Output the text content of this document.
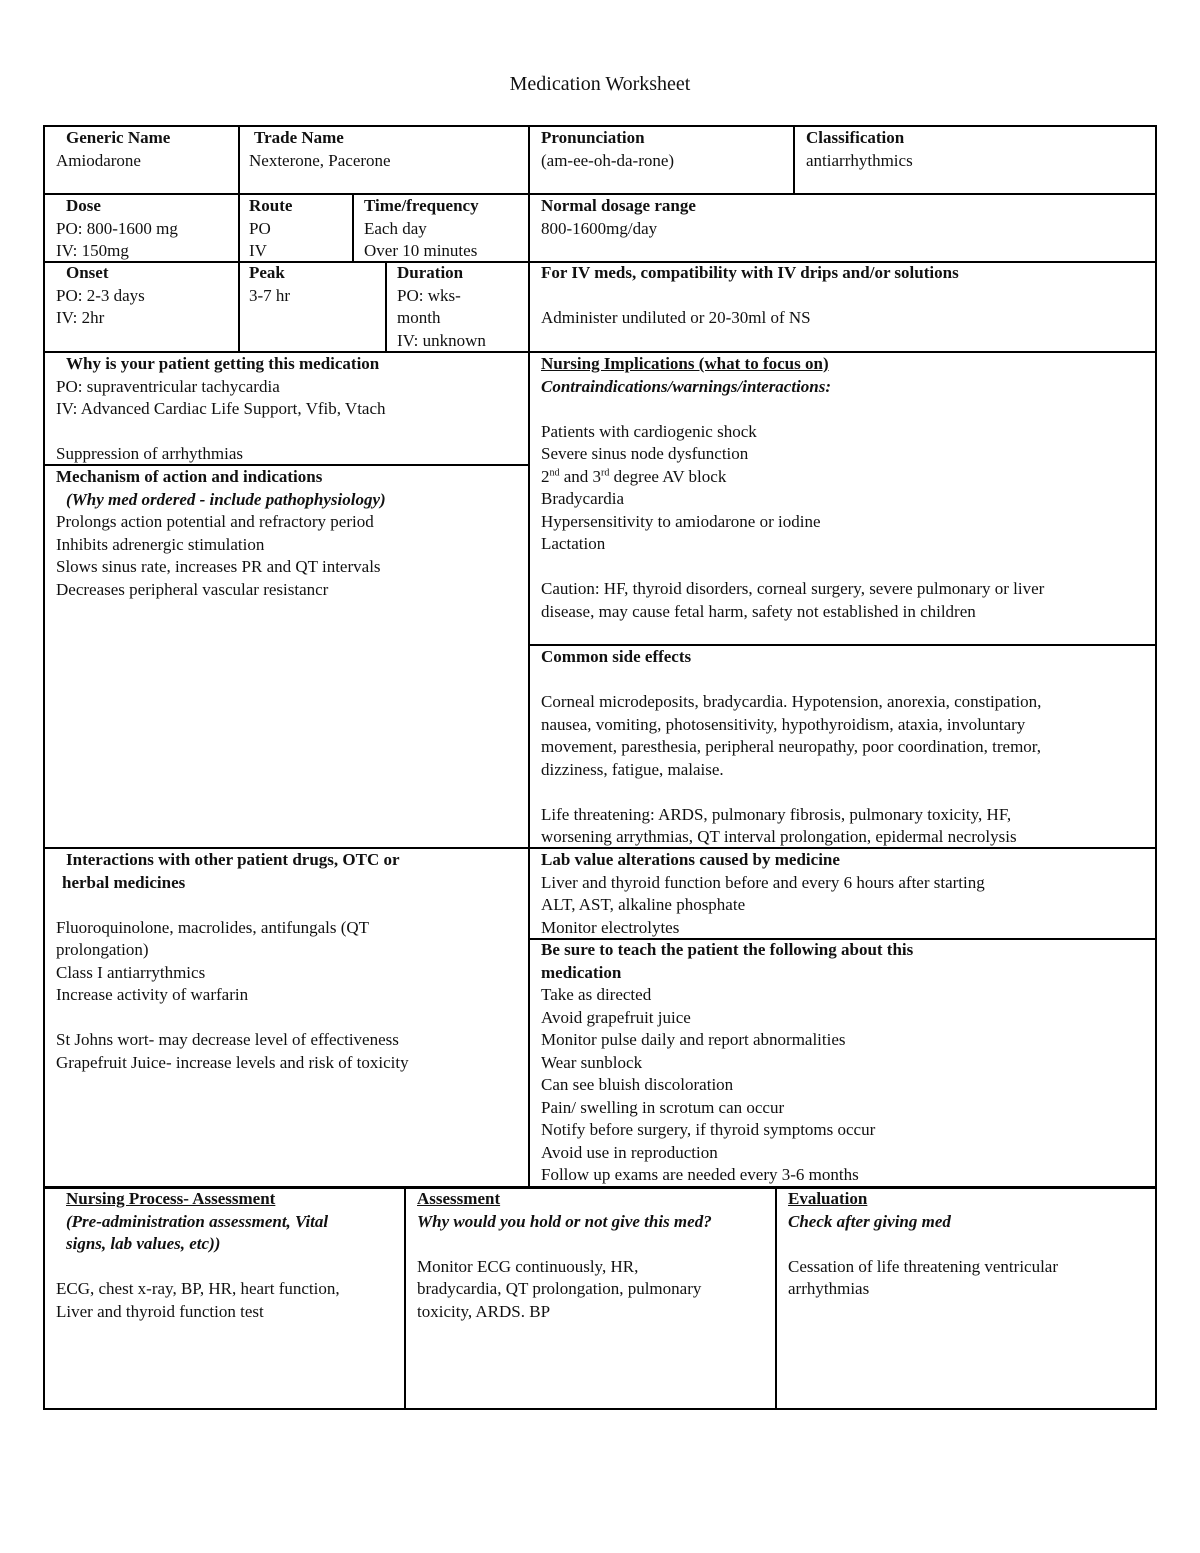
Medication Worksheet
Generic Name
Amiodarone
Trade Name
Nexterone, Pacerone
Pronunciation
(am-ee-oh-da-rone)
Classification
antiarrhythmics
Dose
PO: 800-1600 mg
IV: 150mg
Route
PO
IV
Time/frequency
Each day
Over 10 minutes
Normal dosage range
800-1600mg/day
Onset
PO: 2-3 days
IV: 2hr
Peak
3-7 hr
Duration
PO: wks-
month
IV: unknown
For IV meds, compatibility with IV drips and/or solutions
Administer undiluted or 20-30ml of NS
Why is your patient getting this medication
PO: supraventricular tachycardia
IV: Advanced Cardiac Life Support, Vfib, Vtach
Suppression of arrhythmias
Mechanism of action and indications
(Why med ordered - include pathophysiology)
Prolongs action potential and refractory period
Inhibits adrenergic stimulation
Slows sinus rate, increases PR and QT intervals
Decreases peripheral vascular resistancr
Nursing Implications (what to focus on)
Contraindications/warnings/interactions:
Patients with cardiogenic shock
Severe sinus node dysfunction
2nd and 3rd degree AV block
Bradycardia
Hypersensitivity to amiodarone or iodine
Lactation
Caution: HF, thyroid disorders, corneal surgery, severe pulmonary or liver
disease, may cause fetal harm, safety not established in children
Common side effects
Corneal microdeposits, bradycardia. Hypotension, anorexia, constipation,
nausea, vomiting, photosensitivity, hypothyroidism, ataxia, involuntary
movement, paresthesia, peripheral neuropathy, poor coordination, tremor,
dizziness, fatigue, malaise.
Life threatening: ARDS, pulmonary fibrosis, pulmonary toxicity, HF,
worsening arrythmias, QT interval prolongation, epidermal necrolysis
Interactions with other patient drugs, OTC or
herbal medicines
Fluoroquinolone, macrolides, antifungals (QT
prolongation)
Class I antiarrythmics
Increase activity of warfarin
St Johns wort- may decrease level of effectiveness
Grapefruit Juice- increase levels and risk of toxicity
Lab value alterations caused by medicine
Liver and thyroid function before and every 6 hours after starting
ALT, AST, alkaline phosphate
Monitor electrolytes
Be sure to teach the patient the following about this
medication
Take as directed
Avoid grapefruit juice
Monitor pulse daily and report abnormalities
Wear sunblock
Can see bluish discoloration
Pain/ swelling in scrotum can occur
Notify before surgery, if thyroid symptoms occur
Avoid use in reproduction
Follow up exams are needed every 3-6 months
Nursing Process- Assessment
(Pre-administration assessment, Vital
signs, lab values, etc))
ECG, chest x-ray, BP, HR, heart function,
Liver and thyroid function test
Assessment
Why would you hold or not give this med?
Monitor ECG continuously, HR,
bradycardia, QT prolongation, pulmonary
toxicity, ARDS. BP
Evaluation
Check after giving med
Cessation of life threatening ventricular
arrhythmias
